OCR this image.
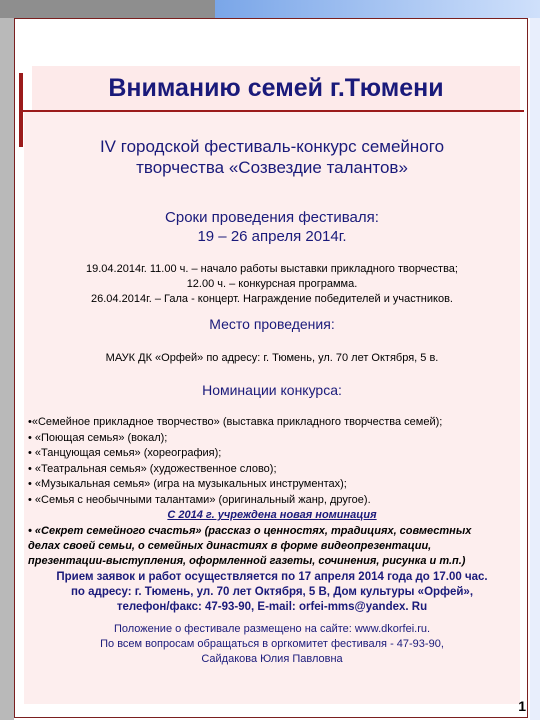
Вниманию семей г.Тюмени
IV городской фестиваль-конкурс семейного
творчества «Созвездие талантов»
Сроки проведения фестиваля:
19 – 26 апреля 2014г.
19.04.2014г. 11.00 ч. – начало работы выставки прикладного творчества;
12.00 ч. – конкурсная программа.
26.04.2014г. – Гала - концерт. Награждение победителей и участников.
Место проведения:
МАУК ДК «Орфей» по адресу: г. Тюмень, ул. 70 лет Октября, 5 в.
Номинации конкурса:
•«Семейное прикладное творчество» (выставка прикладного творчества семей);
• «Поющая семья» (вокал);
• «Танцующая семья» (хореография);
• «Театральная семья» (художественное слово);
• «Музыкальная семья» (игра на музыкальных инструментах);
• «Семья с необычными талантами» (оригинальный жанр, другое).
С 2014 г. учреждена новая номинация
• «Секрет семейного счастья» (рассказ о ценностях, традициях, совместных
делах своей семьи, о семейных династиях в форме видеопрезентации,
презентации-выступления, оформленной газеты, сочинения, рисунка и т.п.)
Прием заявок и работ осуществляется по 17 апреля 2014 года до 17.00 час.
по адресу: г. Тюмень, ул. 70 лет Октября, 5 В, Дом культуры «Орфей»,
телефон/факс: 47-93-90, E-mail: orfei-mms@yandex. Ru
Положение о фестивале размещено на сайте: www.dkorfei.ru.
По всем вопросам обращаться в оргкомитет фестиваля - 47-93-90,
Сайдакова Юлия Павловна
1
